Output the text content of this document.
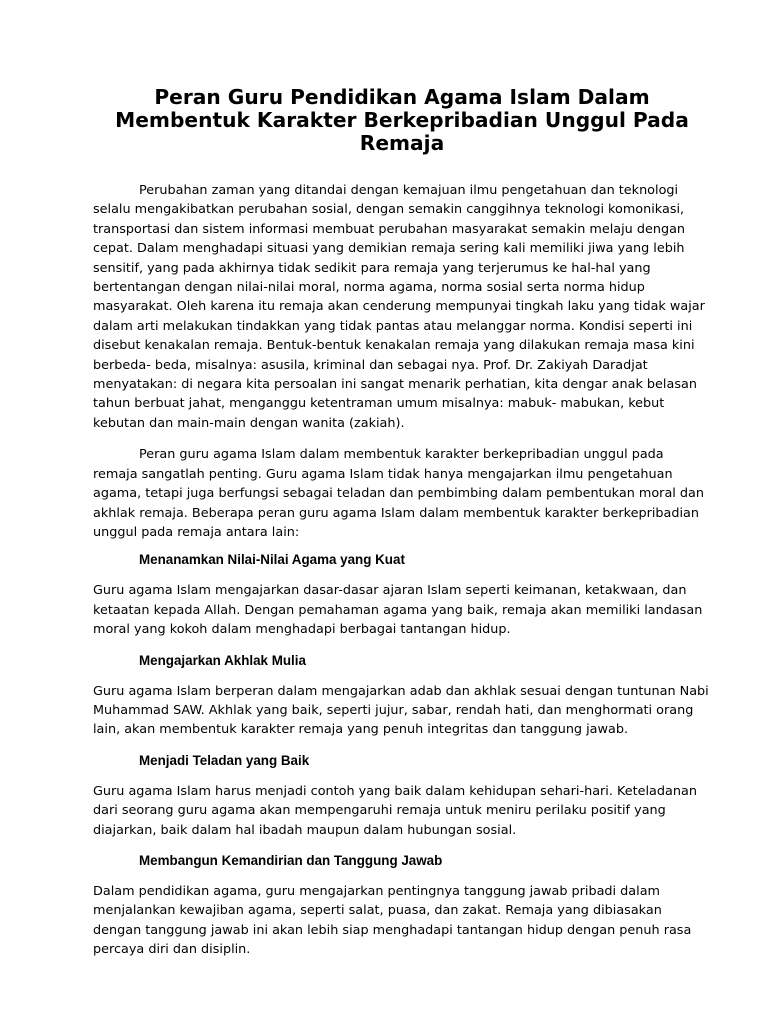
Peran Guru Pendidikan Agama Islam Dalam
Membentuk Karakter Berkepribadian Unggul Pada
Remaja

Perubahan zaman yang ditandai dengan kemajuan ilmu pengetahuan dan teknologi selalu mengakibatkan perubahan sosial, dengan semakin canggihnya teknologi komonikasi, transportasi dan sistem informasi membuat perubahan masyarakat semakin melaju dengan cepat. Dalam menghadapi situasi yang demikian remaja sering kali memiliki jiwa yang lebih sensitif, yang pada akhirnya tidak sedikit para remaja yang terjerumus ke hal-hal yang bertentangan dengan nilai-nilai moral, norma agama, norma sosial serta norma hidup masyarakat. Oleh karena itu remaja akan cenderung mempunyai tingkah laku yang tidak wajar dalam arti melakukan tindakkan yang tidak pantas atau melanggar norma. Kondisi seperti ini disebut kenakalan remaja. Bentuk-bentuk kenakalan remaja yang dilakukan remaja masa kini berbeda- beda, misalnya: asusila, kriminal dan sebagai nya. Prof. Dr. Zakiyah Daradjat menyatakan: di negara kita persoalan ini sangat menarik perhatian, kita dengar anak belasan tahun berbuat jahat, menganggu ketentraman umum misalnya: mabuk- mabukan, kebut kebutan dan main-main dengan wanita (zakiah).

Peran guru agama Islam dalam membentuk karakter berkepribadian unggul pada remaja sangatlah penting. Guru agama Islam tidak hanya mengajarkan ilmu pengetahuan agama, tetapi juga berfungsi sebagai teladan dan pembimbing dalam pembentukan moral dan akhlak remaja. Beberapa peran guru agama Islam dalam membentuk karakter berkepribadian unggul pada remaja antara lain:

Menanamkan Nilai-Nilai Agama yang Kuat

Guru agama Islam mengajarkan dasar-dasar ajaran Islam seperti keimanan, ketakwaan, dan ketaatan kepada Allah. Dengan pemahaman agama yang baik, remaja akan memiliki landasan moral yang kokoh dalam menghadapi berbagai tantangan hidup.

Mengajarkan Akhlak Mulia

Guru agama Islam berperan dalam mengajarkan adab dan akhlak sesuai dengan tuntunan Nabi Muhammad SAW. Akhlak yang baik, seperti jujur, sabar, rendah hati, dan menghormati orang lain, akan membentuk karakter remaja yang penuh integritas dan tanggung jawab.

Menjadi Teladan yang Baik

Guru agama Islam harus menjadi contoh yang baik dalam kehidupan sehari-hari. Keteladanan dari seorang guru agama akan mempengaruhi remaja untuk meniru perilaku positif yang diajarkan, baik dalam hal ibadah maupun dalam hubungan sosial.

Membangun Kemandirian dan Tanggung Jawab

Dalam pendidikan agama, guru mengajarkan pentingnya tanggung jawab pribadi dalam menjalankan kewajiban agama, seperti salat, puasa, dan zakat. Remaja yang dibiasakan dengan tanggung jawab ini akan lebih siap menghadapi tantangan hidup dengan penuh rasa percaya diri dan disiplin.
